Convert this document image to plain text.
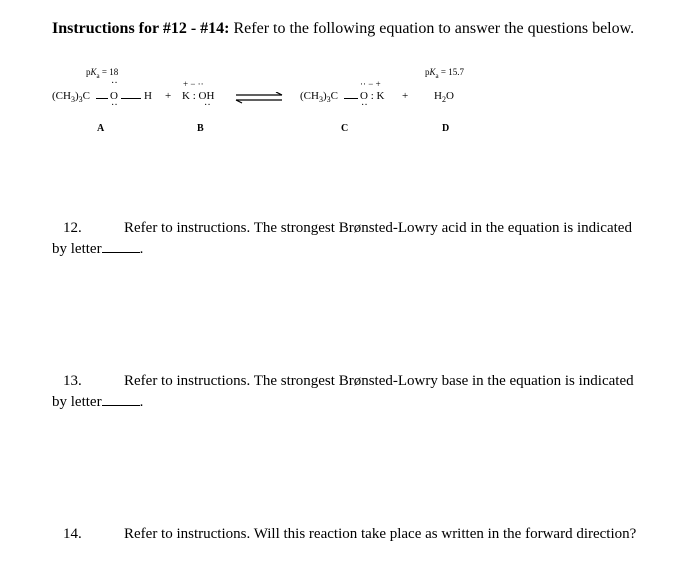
Instructions for #12 - #14: Refer to the following equation to answer the questions below.
$pK_a = 18$
$(CH_3)_3C$
··
O
··
H +
+ − ··
K : OH
··
⇌ $(CH_3)_3C$
·· − +
O : K
··
+
$pK_a = 15.7$
$H_2O$
A	B	C	D
12.	Refer to instructions. The strongest Brønsted-Lowry acid in the equation is indicated
by letter	.
13.	Refer to instructions. The strongest Brønsted-Lowry base in the equation is indicated
by letter	.
14.	Refer to instructions. Will this reaction take place as written in the forward direction?
